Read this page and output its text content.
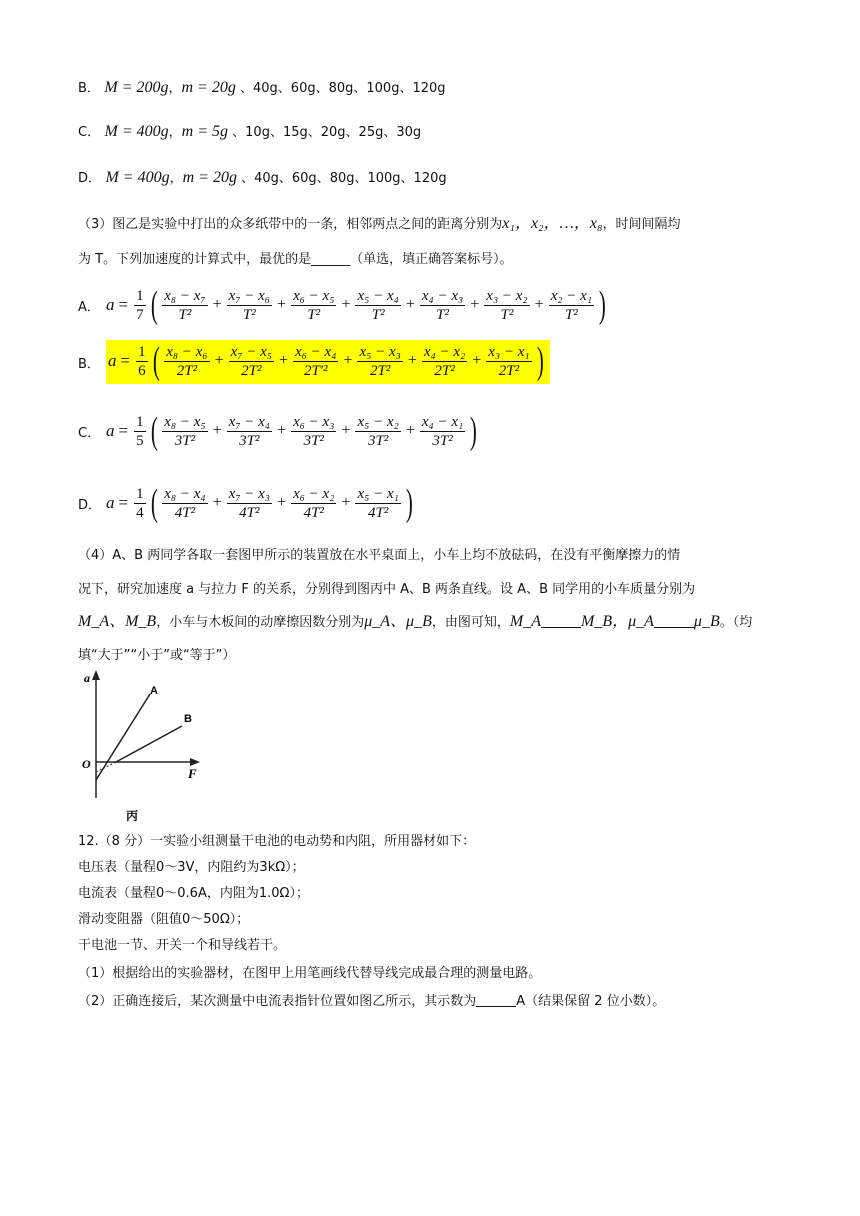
B． M = 200g，m = 20g 、40g、60g、80g、100g、120g
C． M = 400g，m = 5g 、10g、15g、20g、25g、30g
D． M = 400g，m = 20g 、40g、60g、80g、100g、120g
（3）图乙是实验中打出的众多纸带中的一条，相邻两点之间的距离分别为x₁，x₂，…，x₈，时间间隔均
为 T。下列加速度的计算式中，最优的是______（单选，填正确答案标号）。
A． $a = \frac{1}{7}$ ( $\frac{\text{x₈ − x₇}}{\text{T²}} + \frac{\text{x₇ − x₆}}{\text{T²}} + \frac{\text{x₆ − x₅}}{\text{T²}} + \frac{\text{x₅ − x₄}}{\text{T²}} + \frac{\text{x₄ − x₃}}{\text{T²}} + \frac{\text{x₃ − x₂}}{\text{T²}} + \frac{\text{x₂ − x₁}}{\text{T²}}$ )
B． $a = \frac{1}{6}$ ( $\frac{\text{x₈ − x₆}}{\text{2T²}} + \frac{\text{x₇ − x₅}}{\text{2T²}} + \frac{\text{x₆ − x₄}}{\text{2T′²}} + \frac{\text{x₅ − x₃}}{\text{2T²}} + \frac{\text{x₄ − x₂}}{\text{2T²}} + \frac{\text{x₃ − x₁}}{\text{2T²}}$ )
C． $a = \frac{1}{5}$ ( $\frac{\text{x₈ − x₅}}{\text{3T²}} + \frac{\text{x₇ − x₄}}{\text{3T²}} + \frac{\text{x₆ − x₃}}{\text{3T²}} + \frac{\text{x₅ − x₂}}{\text{3T²}} + \frac{\text{x₄ − x₁}}{\text{3T²}}$ )
D． $a = \frac{1}{4}$ ( $\frac{\text{x₈ − x₄}}{\text{4T²}} + \frac{\text{x₇ − x₃}}{\text{4T²}} + \frac{\text{x₆ − x₂}}{\text{4T²}} + \frac{\text{x₅ − x₁}}{\text{4T²}}$ )
（4）A、B 两同学各取一套图甲所示的装置放在水平桌面上，小车上均不放砝码，在没有平衡摩擦力的情
况下，研究加速度 a 与拉力 F 的关系，分别得到图丙中 A、B 两条直线。设 A、B 同学用的小车质量分别为
M_A、M_B，小车与木板间的动摩擦因数分别为μ_A、μ_B，由图可知，M_A	M_B，μ_A	μ_B。（均
填“大于”“小于”或“等于”）
a
F
O
A
B
丙
12.（8 分）一实验小组测量干电池的电动势和内阻，所用器材如下：
电压表（量程0～3V，内阻约为3kΩ）；
电流表（量程0～0.6A，内阻为1.0Ω）；
滑动变阻器（阻值0～50Ω）；
干电池一节、开关一个和导线若干。
（1）根据给出的实验器材，在图甲上用笔画线代替导线完成最合理的测量电路。
（2）正确连接后，某次测量中电流表指针位置如图乙所示，其示数为	A（结果保留 2 位小数）。
